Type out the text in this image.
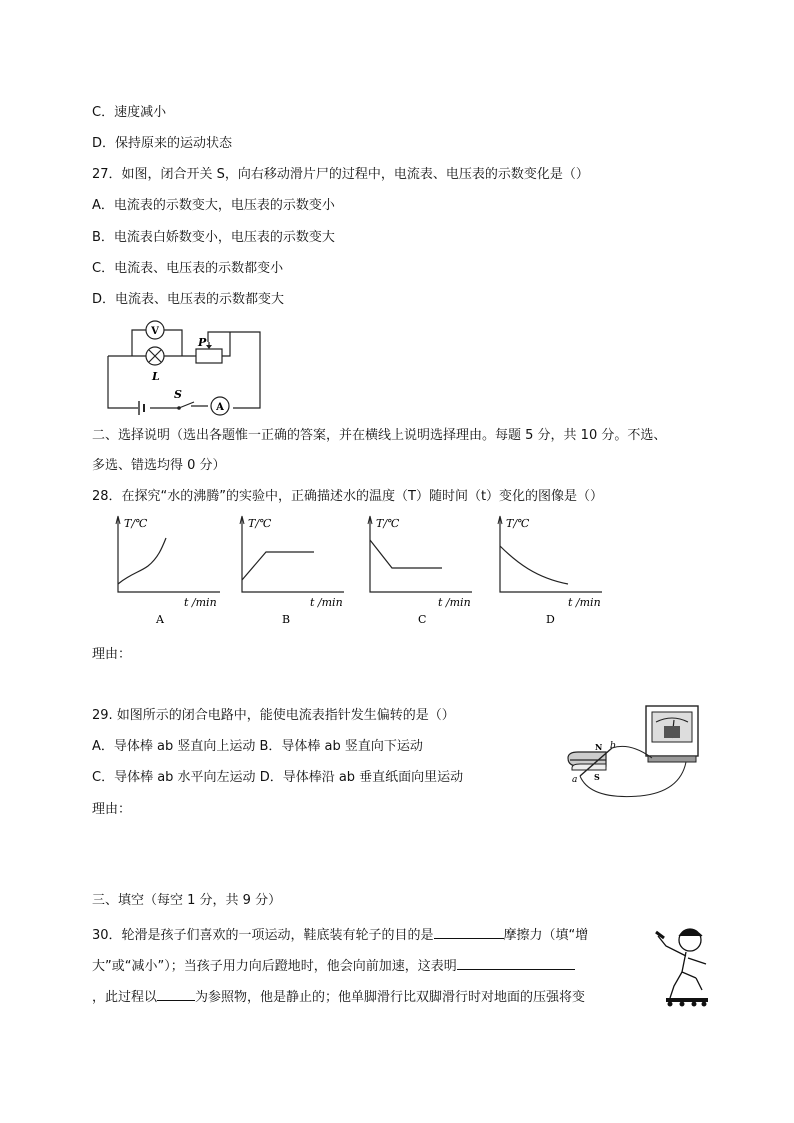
C．速度减小
D．保持原来的运动状态
27．如图，闭合开关 S，向右移动滑片尸的过程中，电流表、电压表的示数变化是（）
A．电流表的示数变大，电压表的示数变小
B．电流表白娇数变小，电压表的示数变大
C．电流表、电压表的示数都变小
D．电流表、电压表的示数都变大
V
L
P
S
A
二、选择说明（选出各题惟一正确的答案，并在横线上说明选择理由。每题 5 分，共 10 分。不选、
多选、错选均得 0 分）
28．在探究“水的沸腾”的实验中，正确描述水的温度（T）随时间（t）变化的图像是（）
T/℃
t /min
A
T/℃
t /min
B
T/℃
t /min
C
T/℃
t /min
D
理由：
29. 如图所示的闭合电路中，能使电流表指针发生偏转的是（）
A．导体棒 ab 竖直向上运动 B．导体棒 ab 竖直向下运动
C．导体棒 ab 水平向左运动 D．导体棒沿 ab 垂直纸面向里运动
理由：
N
S
a
b
三、填空（每空 1 分，共 9 分）
30．轮滑是孩子们喜欢的一项运动，鞋底装有轮子的目的是	摩擦力（填“增
大”或“减小”）；当孩子用力向后蹬地时，他会向前加速，这表明
，此过程以	为参照物，他是静止的；他单脚滑行比双脚滑行时对地面的压强将变
